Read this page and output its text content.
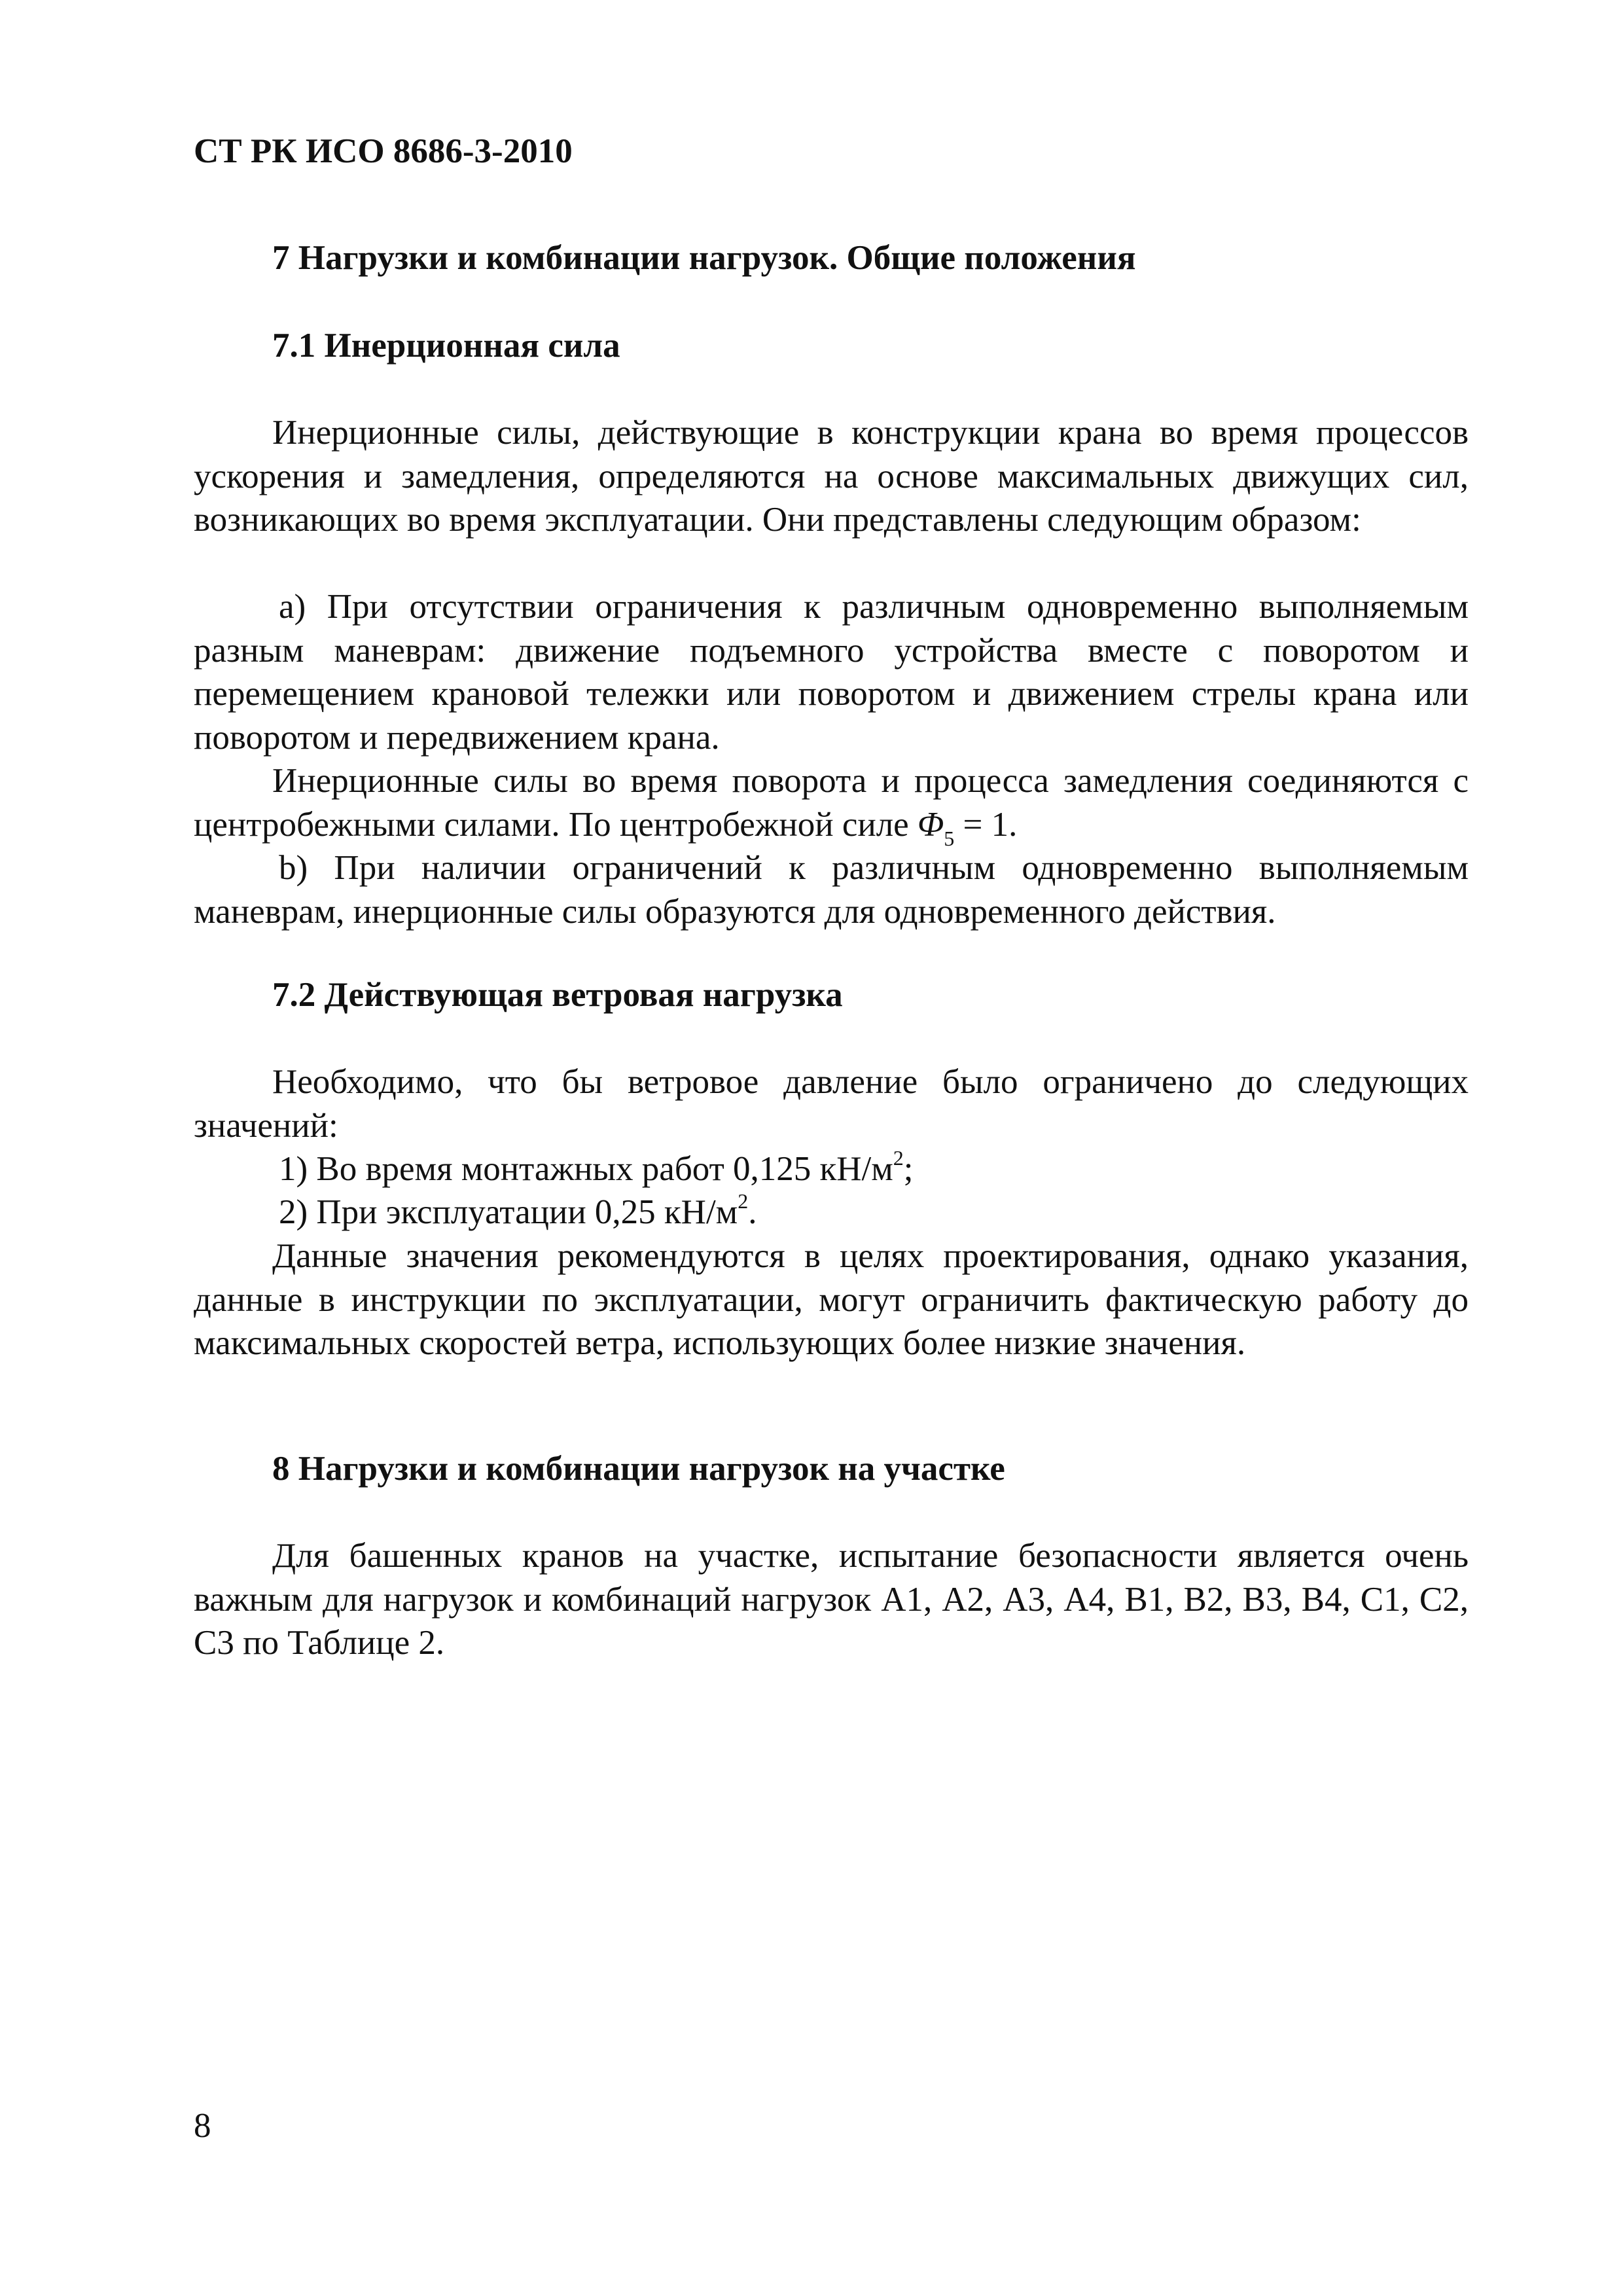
СТ РК ИСО 8686-3-2010
7 Нагрузки и комбинации нагрузок. Общие положения
7.1 Инерционная сила

Инерционные силы, действующие в конструкции крана во время процессов ускорения и замедления, определяются на основе максимальных движущих сил, возникающих во время эксплуатации. Они представлены следующим образом:

а) При отсутствии ограничения к различным одновременно выполняемым разным маневрам: движение подъемного устройства вместе с поворотом и перемещением крановой тележки или поворотом и движением стрелы крана или поворотом и передвижением крана.

Инерционные силы во время поворота и процесса замедления соединяются с центробежными силами. По центробежной силе $\Phi_5 = 1$.

b) При наличии ограничений к различным одновременно выполняемым маневрам, инерционные силы образуются для одновременного действия.

7.2 Действующая ветровая нагрузка

Необходимо, что бы ветровое давление было ограничено до следующих значений:

1) Во время монтажных работ 0,125 $кН/м^2$;
2) При эксплуатации 0,25 $кН/м^2$.

Данные значения рекомендуются в целях проектирования, однако указания, данные в инструкции по эксплуатации, могут ограничить фактическую работу до максимальных скоростей ветра, использующих более низкие значения.

8 Нагрузки и комбинации нагрузок на участке

Для башенных кранов на участке, испытание безопасности является очень важным для нагрузок и комбинаций нагрузок А1, А2, А3, А4, В1, В2, В3, В4, С1, С2, С3 по Таблице 2.

8
